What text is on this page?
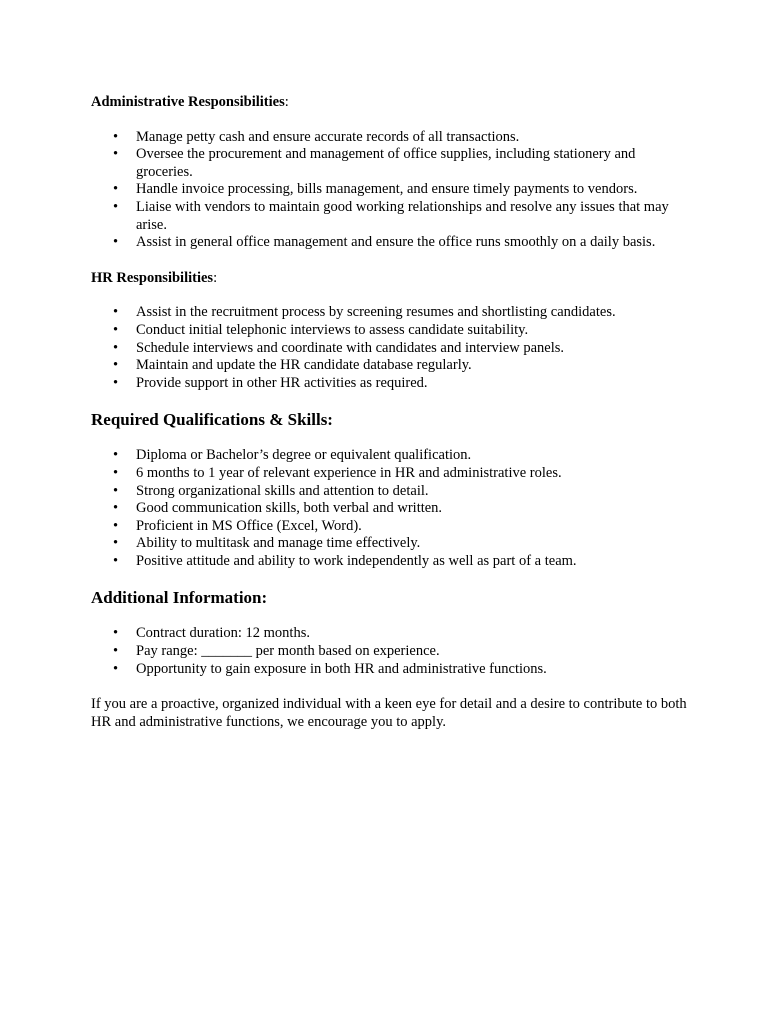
Administrative Responsibilities:

• Manage petty cash and ensure accurate records of all transactions.
• Oversee the procurement and management of office supplies, including stationery and groceries.
• Handle invoice processing, bills management, and ensure timely payments to vendors.
• Liaise with vendors to maintain good working relationships and resolve any issues that may arise.
• Assist in general office management and ensure the office runs smoothly on a daily basis.

HR Responsibilities:

• Assist in the recruitment process by screening resumes and shortlisting candidates.
• Conduct initial telephonic interviews to assess candidate suitability.
• Schedule interviews and coordinate with candidates and interview panels.
• Maintain and update the HR candidate database regularly.
• Provide support in other HR activities as required.
Required Qualifications & Skills:
• Diploma or Bachelor’s degree or equivalent qualification.
• 6 months to 1 year of relevant experience in HR and administrative roles.
• Strong organizational skills and attention to detail.
• Good communication skills, both verbal and written.
• Proficient in MS Office (Excel, Word).
• Ability to multitask and manage time effectively.
• Positive attitude and ability to work independently as well as part of a team.
Additional Information:
• Contract duration: 12 months.
• Pay range: _______ per month based on experience.
• Opportunity to gain exposure in both HR and administrative functions.

If you are a proactive, organized individual with a keen eye for detail and a desire to contribute to both HR and administrative functions, we encourage you to apply.
